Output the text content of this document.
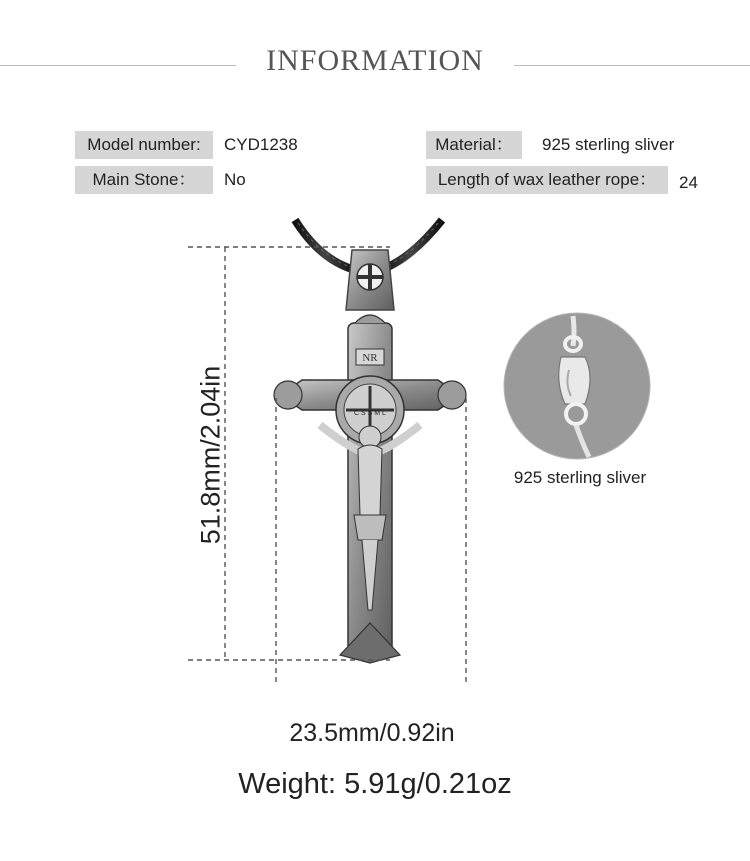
INFORMATION
Model number:	CYD1238	Material：	925 sterling sliver
Main Stone：	No	Length of wax leather rope：	24
NR
C S S M L
51.8mm/2.04in
23.5mm/0.92in
925 sterling sliver
Weight: 5.91g/0.21oz
